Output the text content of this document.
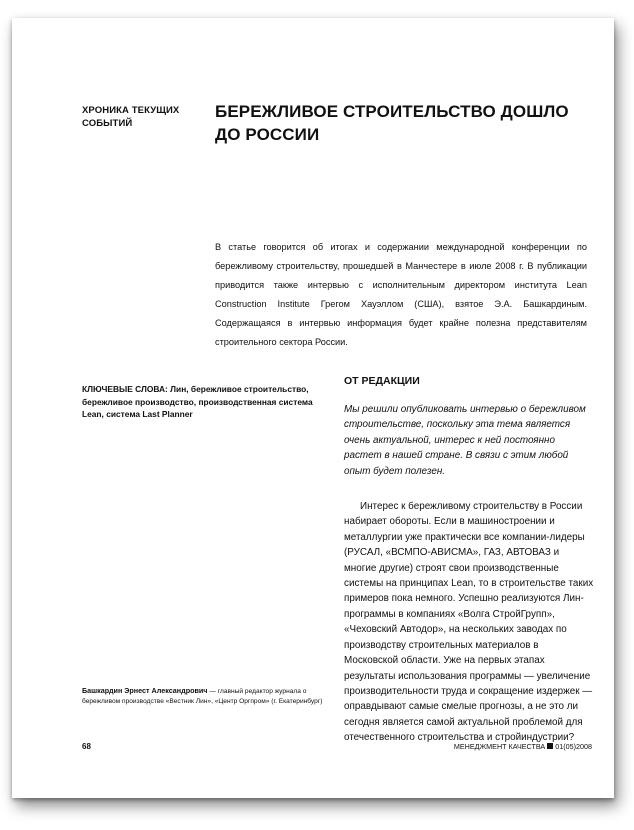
ХРОНИКА ТЕКУЩИХ СОБЫТИЙ
БЕРЕЖЛИВОЕ СТРОИТЕЛЬСТВО ДОШЛО ДО РОССИИ
В статье говорится об итогах и содержании международной конференции по бережливому строительству, прошедшей в Манчестере в июле 2008 г. В публикации приводится также интервью с исполнительным директором института Lean Construction Institute Грегом Хауэллом (США), взятое Э.А. Башкардиным. Содержащаяся в интервью информация будет крайне полезна представителям строительного сектора России.
КЛЮЧЕВЫЕ СЛОВА: Лин, бережливое строительство, бережливое производство, производственная система Lean, система Last Planner
ОТ РЕДАКЦИИ

Мы решили опубликовать интервью о бережливом строительстве, поскольку эта тема является очень актуальной, интерес к ней постоянно растет в нашей стране. В связи с этим любой опыт будет полезен.

Интерес к бережливому строительству в России набирает обороты. Если в машиностроении и металлургии уже практически все компании-лидеры (РУСАЛ, «ВСМПО-АВИСМА», ГАЗ, АВТОВАЗ и многие другие) строят свои производственные системы на принципах Lean, то в строительстве таких примеров пока немного. Успешно реализуются Лин-программы в компаниях «Волга СтройГрупп», «Чеховский Автодор», на нескольких заводах по производству строительных материалов в Московской области. Уже на первых этапах результаты использования программы — увеличение производительности труда и сокращение издержек — оправдывают самые смелые прогнозы, а не это ли сегодня является самой актуальной проблемой для отечественного строительства и стройиндустрии?

Башкардин Эрнест Александрович — главный редактор журнала о бережливом производстве «Вестник Лин», «Центр Оргпром» (г. Екатеринбург)
68	МЕНЕДЖМЕНТ КАЧЕСТВА 01(05)2008
